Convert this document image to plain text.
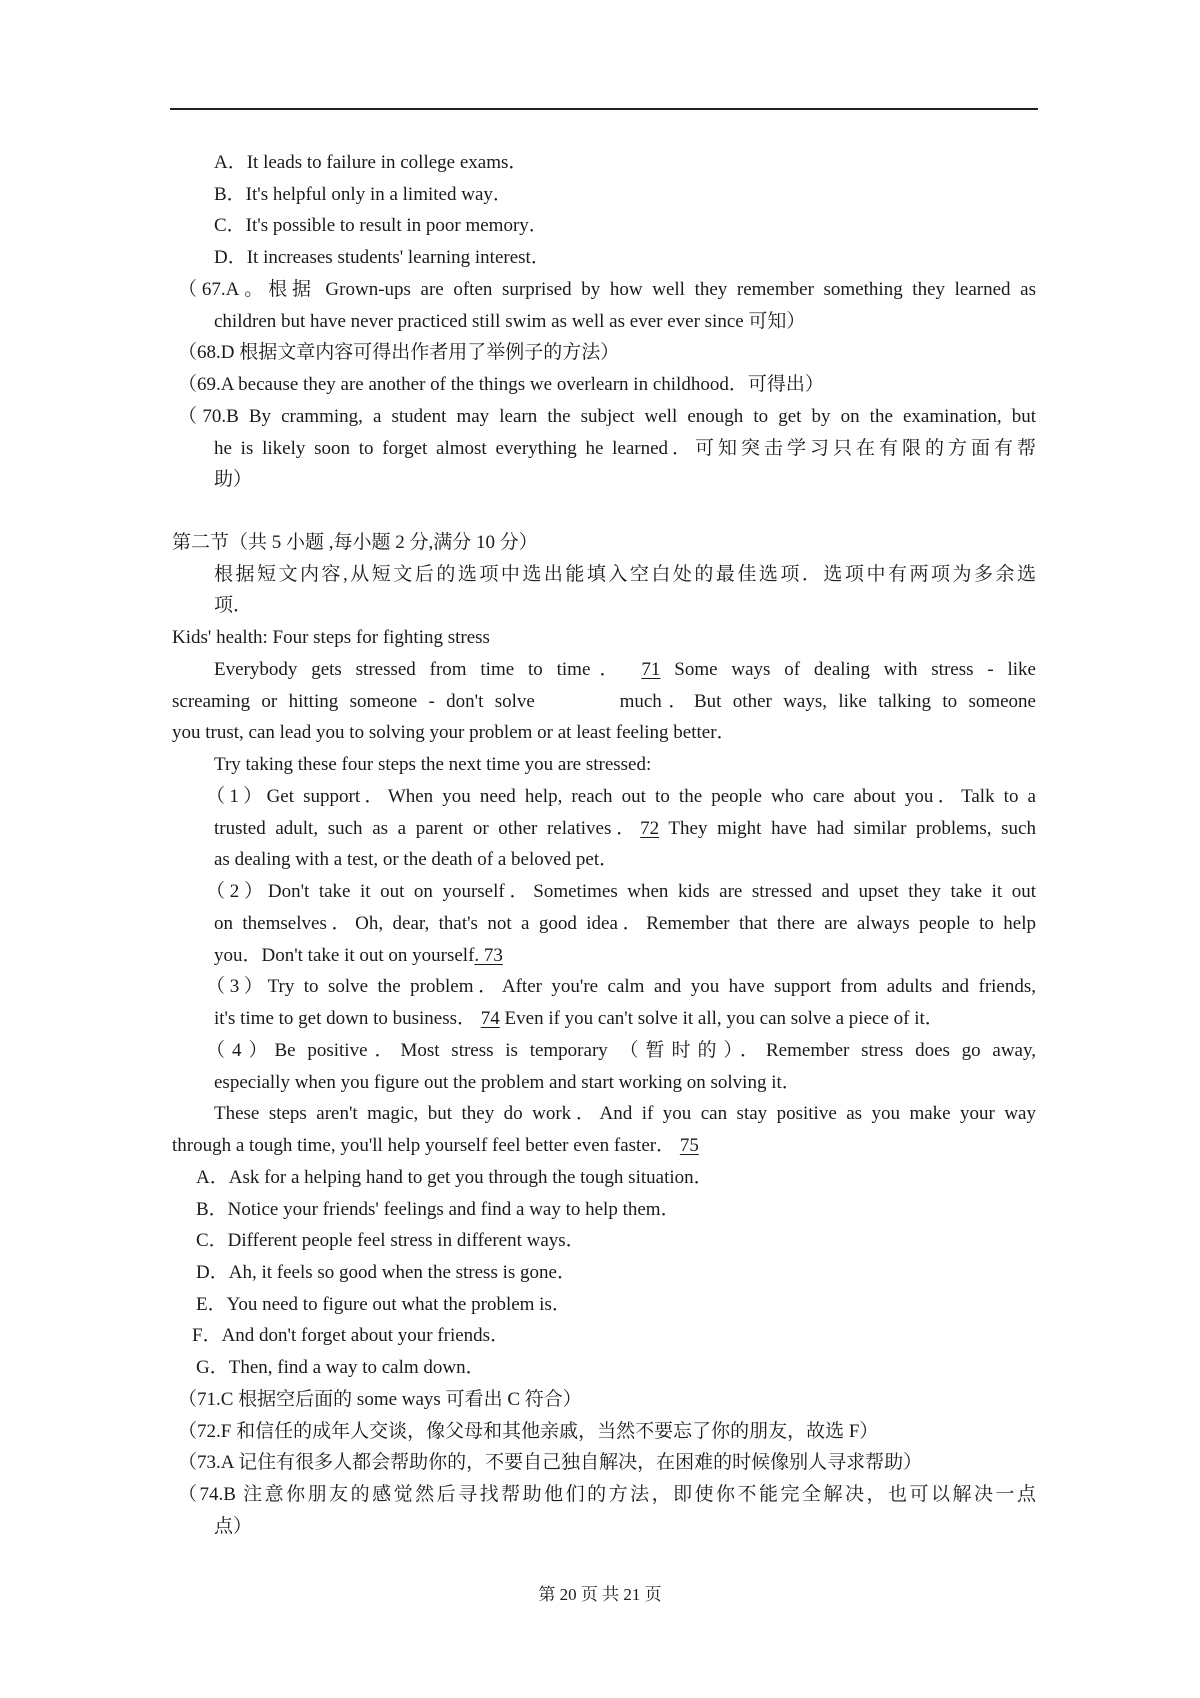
A．It leads to failure in college exams．
B．It's helpful only in a limited way．
C．It's possible to result in poor memory．
D．It increases students' learning interest．
（67.A。根据 Grown-ups are often surprised by how well they remember something they learned as
children but have never practiced still swim as well as ever ever since 可知）
（68.D 根据文章内容可得出作者用了举例子的方法）
（69.A because they are another of the things we overlearn in childhood．可得出）
（70.B By cramming, a student may learn the subject well enough to get by on the examination, but
he is likely soon to forget almost everything he learned．可知突击学习只在有限的方面有帮
助）
第二节（共 5 小题 ,每小题 2 分,满分 10 分）
根据短文内容,从短文后的选项中选出能填入空白处的最佳选项．选项中有两项为多余选
项．
Kids' health: Four steps for fighting stress
Everybody gets stressed from time to time． 71 Some ways of dealing with stress - like
screaming or hitting someone - don't solve	much．But other ways, like talking to someone
you trust, can lead you to solving your problem or at least feeling better．
Try taking these four steps the next time you are stressed:
（1）Get support．When you need help, reach out to the people who care about you．Talk to a
trusted adult, such as a parent or other relatives．72 They might have had similar problems, such
as dealing with a test, or the death of a beloved pet．
（2）Don't take it out on yourself．Sometimes when kids are stressed and upset they take it out
on themselves．Oh, dear, that's not a good idea．Remember that there are always people to help
you．Don't take it out on yourself. 73
（3）Try to solve the problem．After you're calm and you have support from adults and friends,
it's time to get down to business． 74 Even if you can't solve it all, you can solve a piece of it．
（4）Be positive．Most stress is temporary （暂时的）．Remember stress does go away,
especially when you figure out the problem and start working on solving it．
These steps aren't magic, but they do work．And if you can stay positive as you make your way
through a tough time, you'll help yourself feel better even faster． 75
A．Ask for a helping hand to get you through the tough situation．
B．Notice your friends' feelings and find a way to help them．
C．Different people feel stress in different ways．
D．Ah, it feels so good when the stress is gone．
E．You need to figure out what the problem is．
F．And don't forget about your friends．
G．Then, find a way to calm down．
（71.C 根据空后面的 some ways 可看出 C 符合）
（72.F 和信任的成年人交谈，像父母和其他亲戚，当然不要忘了你的朋友，故选 F）
（73.A 记住有很多人都会帮助你的，不要自己独自解决，在困难的时候像别人寻求帮助）
（74.B 注意你朋友的感觉然后寻找帮助他们的方法，即使你不能完全解决，也可以解决一点
点）
第 20 页 共 21 页
